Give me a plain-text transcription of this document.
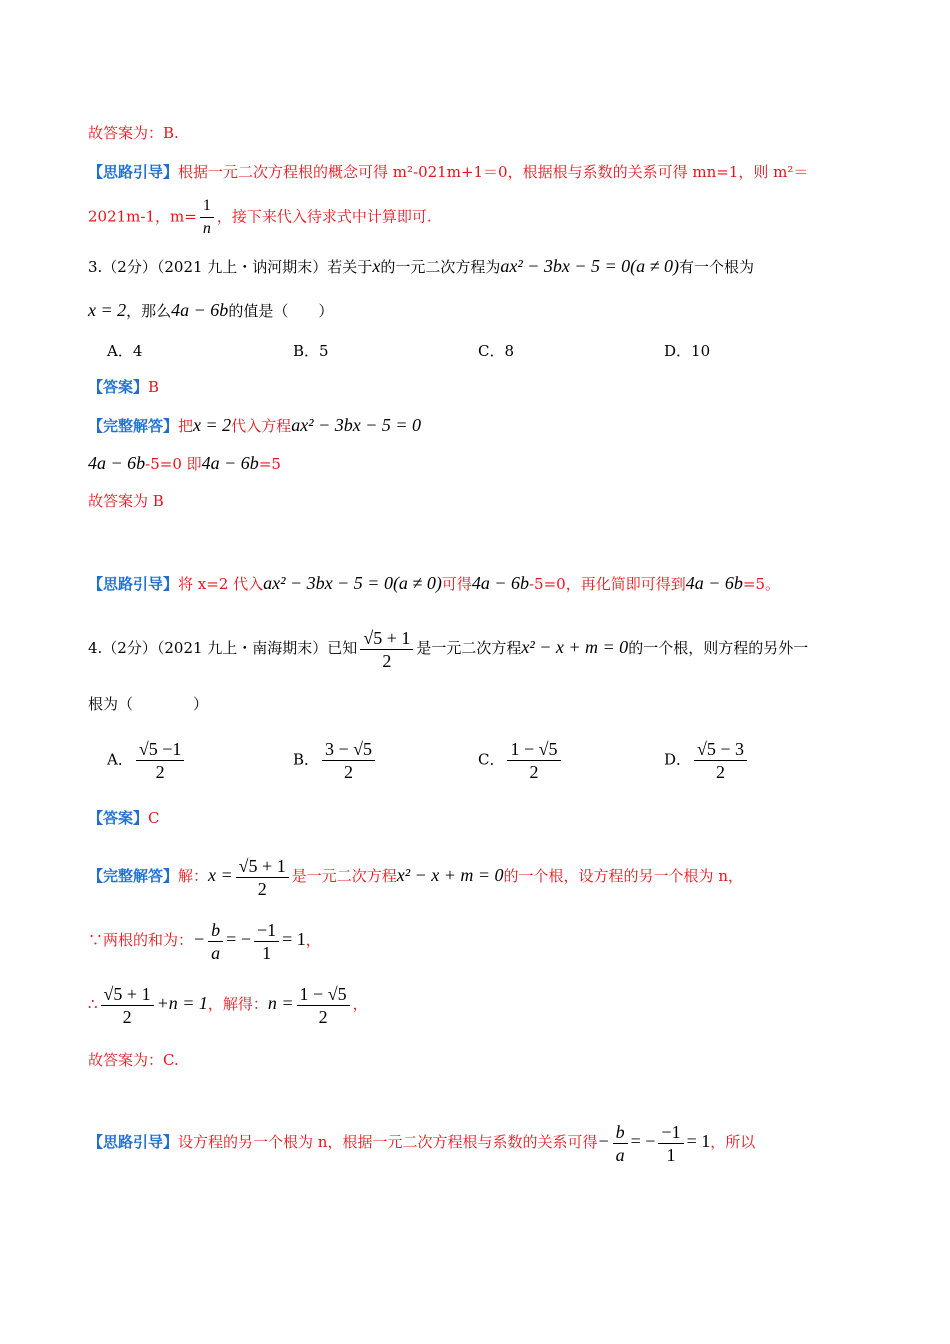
故答案为：B.
【思路引导】根据一元二次方程根的概念可得 m²-021m+1＝0，根据根与系数的关系可得 mn=1，则 m²＝
2021m-1，$m= \frac{1}{n}$ ，接下来代入待求式中计算即可.
3.（2分）（2021 九上・讷河期末）若关于x的一元二次方程为ax² − 3bx − 5 = 0(a ≠ 0)有一个根为
x = 2，那么4a − 6b的值是（　　）
A．4	B．5	C．8	D．10
【答案】B
【完整解答】把x = 2代入方程ax² − 3bx − 5 = 0
4a − 6b-5=0 即4a − 6b=5
故答案为 B
【思路引导】将 x=2 代入ax² − 3bx − 5 = 0(a ≠ 0)可得4a − 6b-5=0，再化简即可得到4a − 6b=5。
4.（2分）（2021 九上・南海期末）已知 $\frac{√5 + 1}{2}$ 是一元二次方程x² − x + m = 0的一个根，则方程的另外一
根为（　　　　）
A． $\frac{√5 -1}{2}$	B． $\frac{3 - √5}{2}$	C． $\frac{1 - √5}{2}$	D． $\frac{√5 - 3}{2}$
【答案】C
【完整解答】解：$x = \frac{√5 + 1}{2}$ 是一元二次方程x² − x + m = 0的一个根，设方程的另一个根为 n，
∵两根的和为：− $\frac{b}{a}$ = − $\frac{-1}{1} = 1$，
∴ $\frac{√5 + 1}{2} +n = 1$，解得：$n = \frac{1 - √5}{2}$ ，
故答案为：C.
【思路引导】设方程的另一个根为 n，根据一元二次方程根与系数的关系可得− $\frac{b}{a}$ = − $\frac{-1}{1} = 1$，所以
